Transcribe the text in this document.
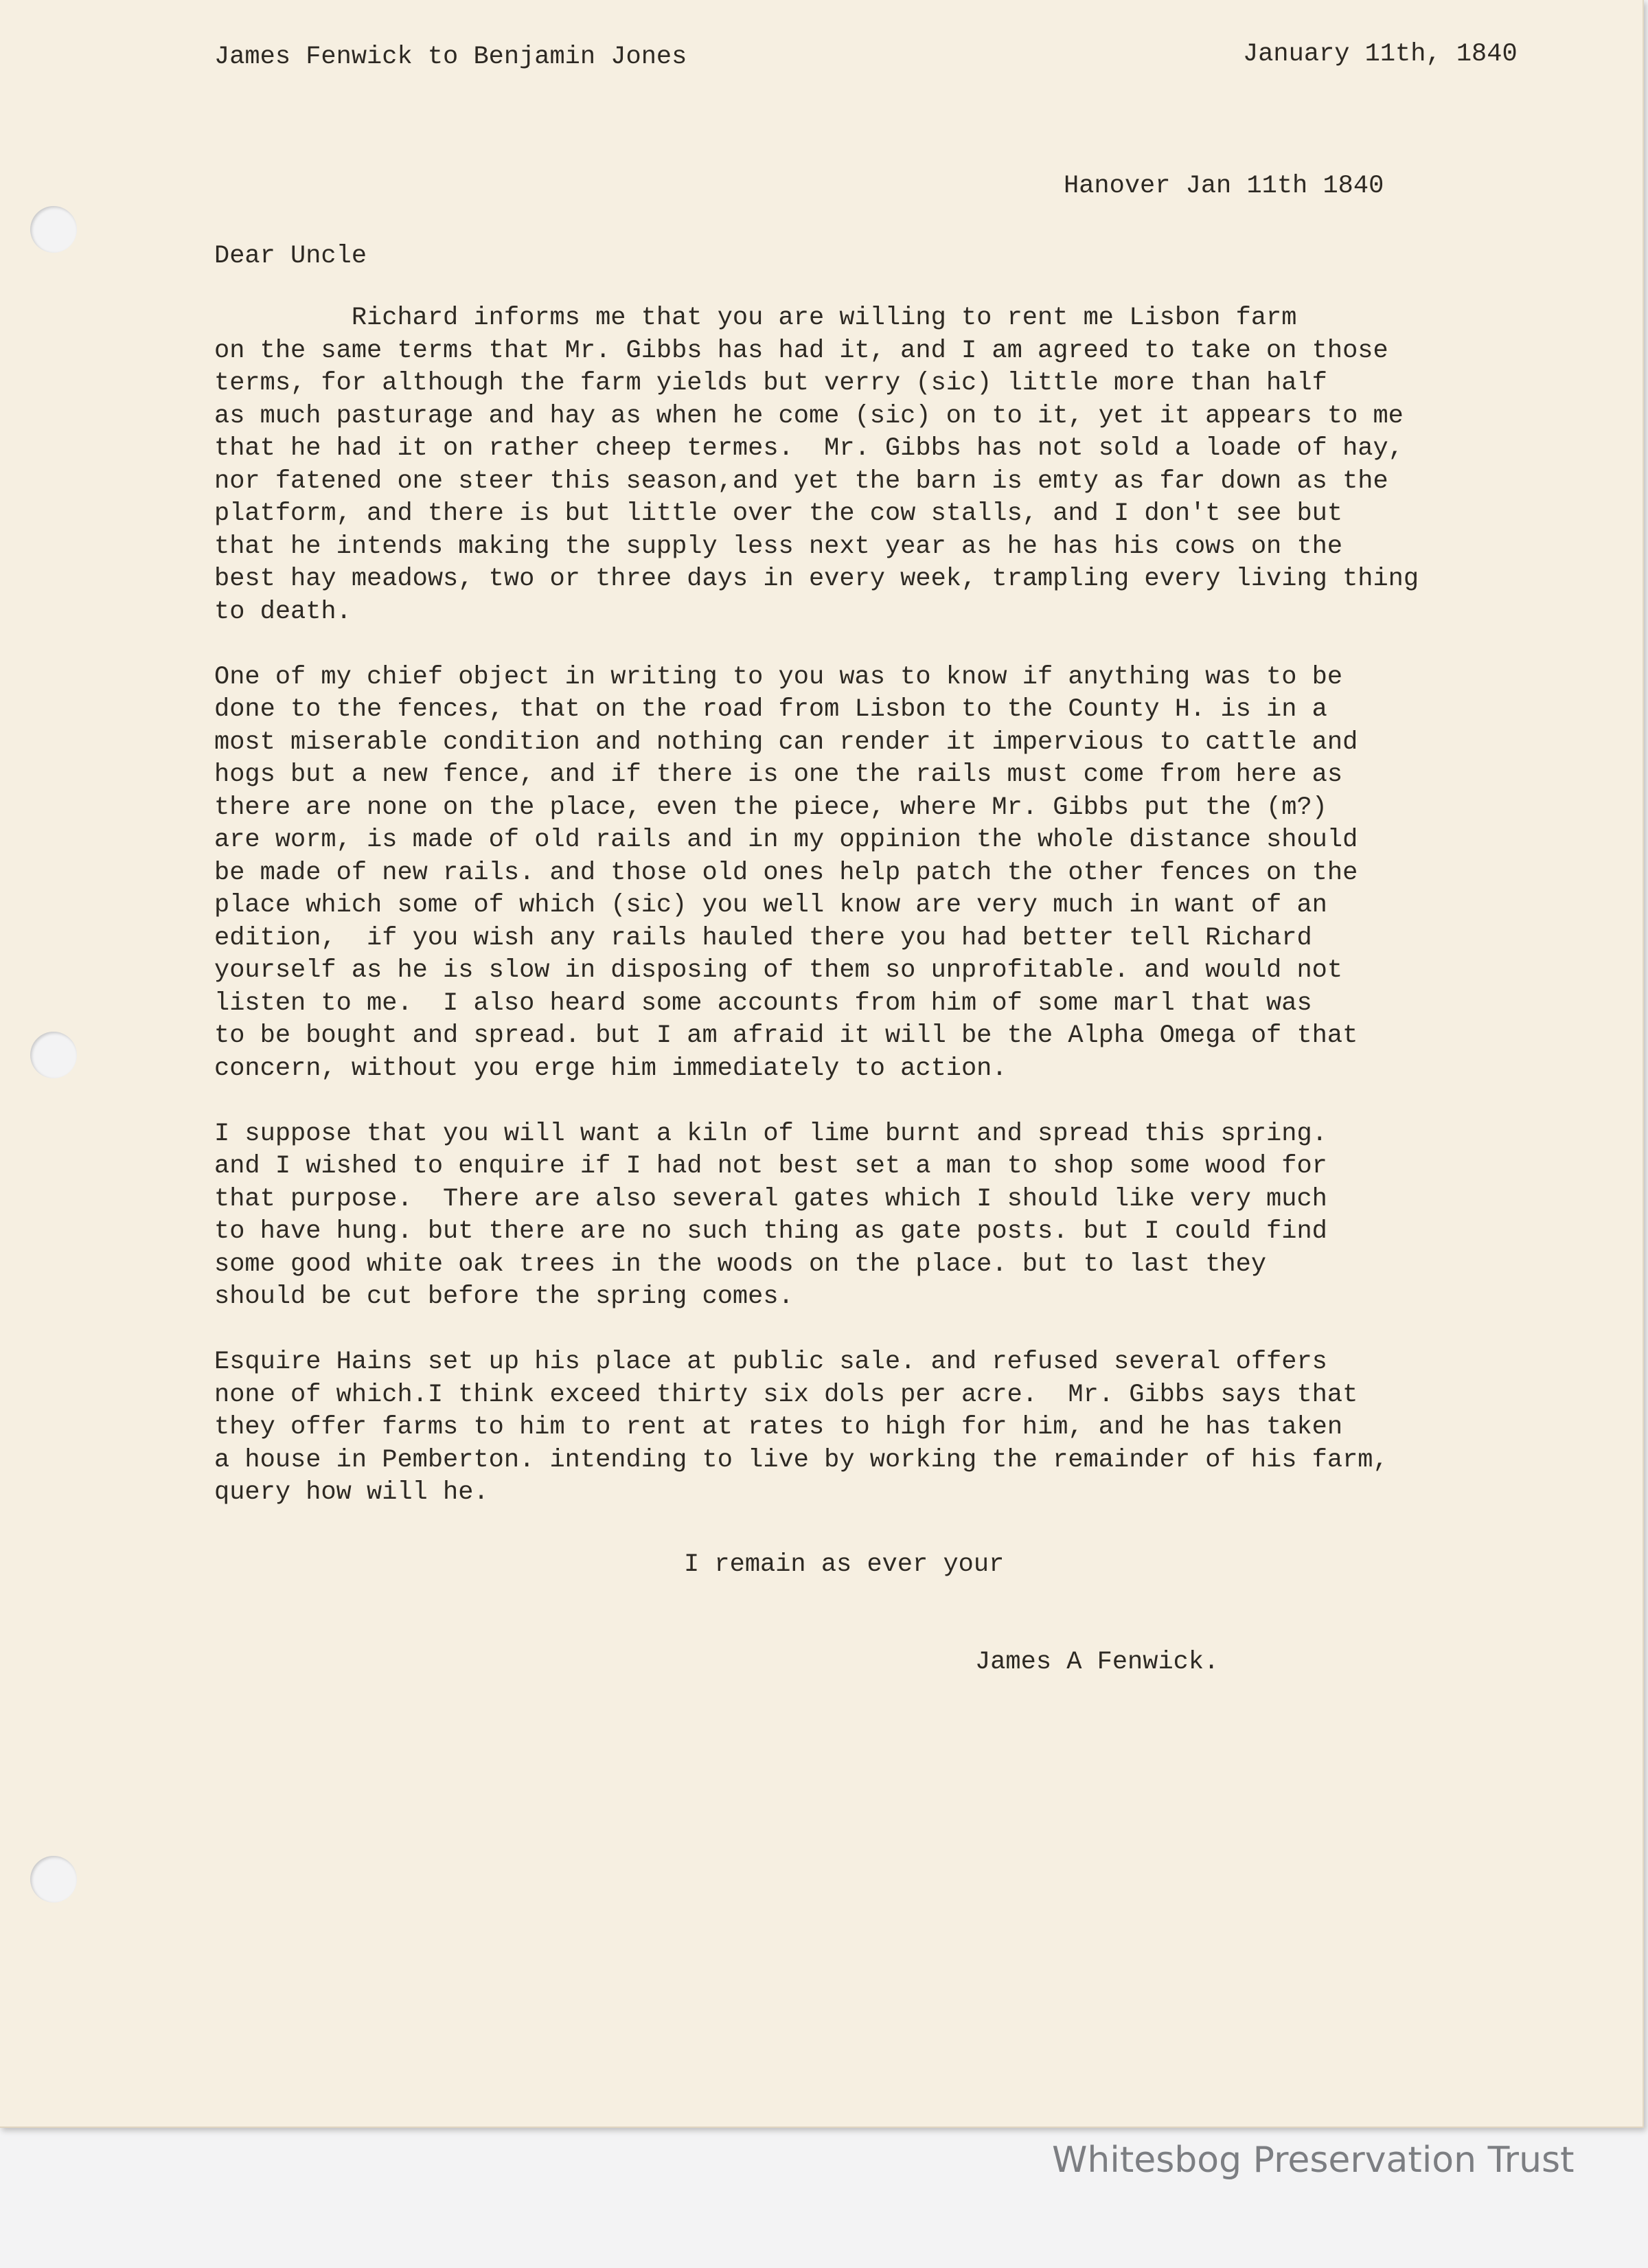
James Fenwick to Benjamin Jones	January 11th, 1840

Hanover Jan 11th 1840

Dear Uncle

Richard informs me that you are willing to rent me Lisbon farm
on the same terms that Mr. Gibbs has had it, and I am agreed to take on those
terms, for although the farm yields but verry (sic) little more than half
as much pasturage and hay as when he come (sic) on to it, yet it appears to me
that he had it on rather cheep termes.  Mr. Gibbs has not sold a loade of hay,
nor fatened one steer this season,and yet the barn is emty as far down as the
platform, and there is but little over the cow stalls, and I don't see but
that he intends making the supply less next year as he has his cows on the
best hay meadows, two or three days in every week, trampling every living thing
to death.
One of my chief object in writing to you was to know if anything was to be
done to the fences, that on the road from Lisbon to the County H. is in a
most miserable condition and nothing can render it impervious to cattle and
hogs but a new fence, and if there is one the rails must come from here as
there are none on the place, even the piece, where Mr. Gibbs put the (m?)
are worm, is made of old rails and in my oppinion the whole distance should
be made of new rails. and those old ones help patch the other fences on the
place which some of which (sic) you well know are very much in want of an
edition,  if you wish any rails hauled there you had better tell Richard
yourself as he is slow in disposing of them so unprofitable. and would not
listen to me.  I also heard some accounts from him of some marl that was
to be bought and spread. but I am afraid it will be the Alpha Omega of that
concern, without you erge him immediately to action.
I suppose that you will want a kiln of lime burnt and spread this spring.
and I wished to enquire if I had not best set a man to shop some wood for
that purpose.  There are also several gates which I should like very much
to have hung. but there are no such thing as gate posts. but I could find
some good white oak trees in the woods on the place. but to last they
should be cut before the spring comes.
Esquire Hains set up his place at public sale. and refused several offers
none of which.I think exceed thirty six dols per acre.  Mr. Gibbs says that
they offer farms to him to rent at rates to high for him, and he has taken
a house in Pemberton. intending to live by working the remainder of his farm,
query how will he.

I remain as ever your

James A Fenwick.

Whitesbog Preservation Trust
